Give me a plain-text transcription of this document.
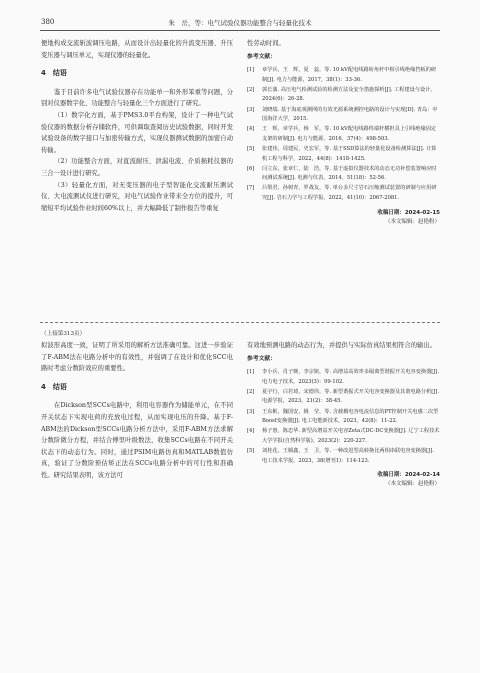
380	朱　岳，等：电气试验仪器功能整合与轻量化技术

便地构成交流斩波调压电路，从而设计出轻量化的升流变压器、升压变压器与调压单元，实现仪器的轻量化。

4　结语

鉴于目前许多电气试验仪器存在功能单一和外形笨重等问题，分别对仪器数字化、功能整合与轻量化三个方面进行了研究。

（1）数字化方面，基于PMS3.0平台构架，设计了一种电气试验仪器的数据分析存储软件，可供调取查阅历史试验数据，同时开发试验设备的数字接口与加密传输方式，实现仪器测试数据的加密自动传输。

（2）功能整合方面，对直流耐压、泄漏电流、介质损耗仪器的三合一设计进行研究。

（3）轻量化方面，对无变压器的电子型智能化交流耐压测试仪、大电流测试仪进行研究，对电气试验作业带来全方位的提升，可缩短平均试验作业时间60%以上，并大幅降低了制作报告等重复

性劳动时间。

参考文献：
[1]	章学兵，王　辉，夏　蕊，等. 10 kV配电线路转角杆中相引线绝缘挡板的研制[J]. 电力与能源，2017，38(1)：33-36.
[2]	郭长蒲. 高压电气检测试验的检测方法及安全措施探析[J]. 工程建设与设计，2024(6)：26-28.
[3]	刘晓瑞. 基于海底观测网的有效光源系统测控电路的设计与实现[D]. 青岛：中国海洋大学，2015.
[4]	王　辉，章学兵，杨　军，等. 10 kV配电线路终端杆横担具上引线绝缘固定支架的研制[J]. 电力与能源，2016，37(4)：498-503.
[5]	张建伟，周建民，史宏军，等. 基于SSD算法的轻量化设备检测算法[J]. 计算机工程与科学，2022，44(8)：1418-1425.
[6]	闫立东，张章仁，陆　浩，等. 基于虚拟仪器技术的动态无功补偿装置响应时间测试系统[J]. 电测与仪表，2014，51(18)：52-56.
[7]	吕梨君，孙树青，罗战友，等. 单台多尺寸岩石压缩测试装置的研制与应用研究[J]. 岩石力学与工程学报，2022，41(10)：2067-2081.
收稿日期：2024-02-15
（本文编辑：赵艳粉）
（上接第313页）

拟波形高度一致，证明了所采用的解析方法准确可靠。这进一步验证了F-ABM法在电路分析中的有效性，并强调了在设计和优化SCC电路时考虑分数阶效应的重要性。

4　结语

在Dickson型SCCs电路中，利用电容器作为储能单元，在不同开关状态下实现电荷的充放电过程，从而实现电压的升降。基于F-ABM法的Dickson型SCCs电路分析方法中，采用F-ABM方法求解分数阶微分方程，并结合傅里叶级数法，收集SCCs电路在不同开关状态下的动态行为。同时，通过PSIM电路仿真和MATLAB数值仿真，验证了分数阶预估矫正法在SCCs电路分析中的可行性和准确性。研究结果表明，该方法可

有效地预测电路的动态行为，并提供与实际仿真结果相符合的输出。

参考文献：
[1]	李小兵，肖子婉，李宗铭，等. 高增益高效率多隔离型谐振开关电容变换器[J]. 电力电子技术，2023(3)：99-102.
[2]	夏宇行，白若琦，宋德伟，等. 新型谐振式开关电容变换器及其谐电路分析[J]. 电源学报，2023，21(2)：38-45.
[3]	王东彬，魏国安，姚　莹，等. 含载耦电容电流信息的PT控制开关电感二次型Boost变换器[J]. 电工电能新技术，2023，42(8)：11-22.
[4]	杨子惠，陈忠华. 新型高增益开关电容Zeta式DC-DC变换器[J]. 辽宁工程技术大学学报(自然科学版)，2023(2)：220-227.
[5]	刘桂花，王腾鑫，王　卫，等. 一种改进型高转换比两相串联电容变换器[J]. 电工技术学报，2023，38(增刊1)：114-123.
收稿日期：2024-02-14
（本文编辑：赵艳粉）
